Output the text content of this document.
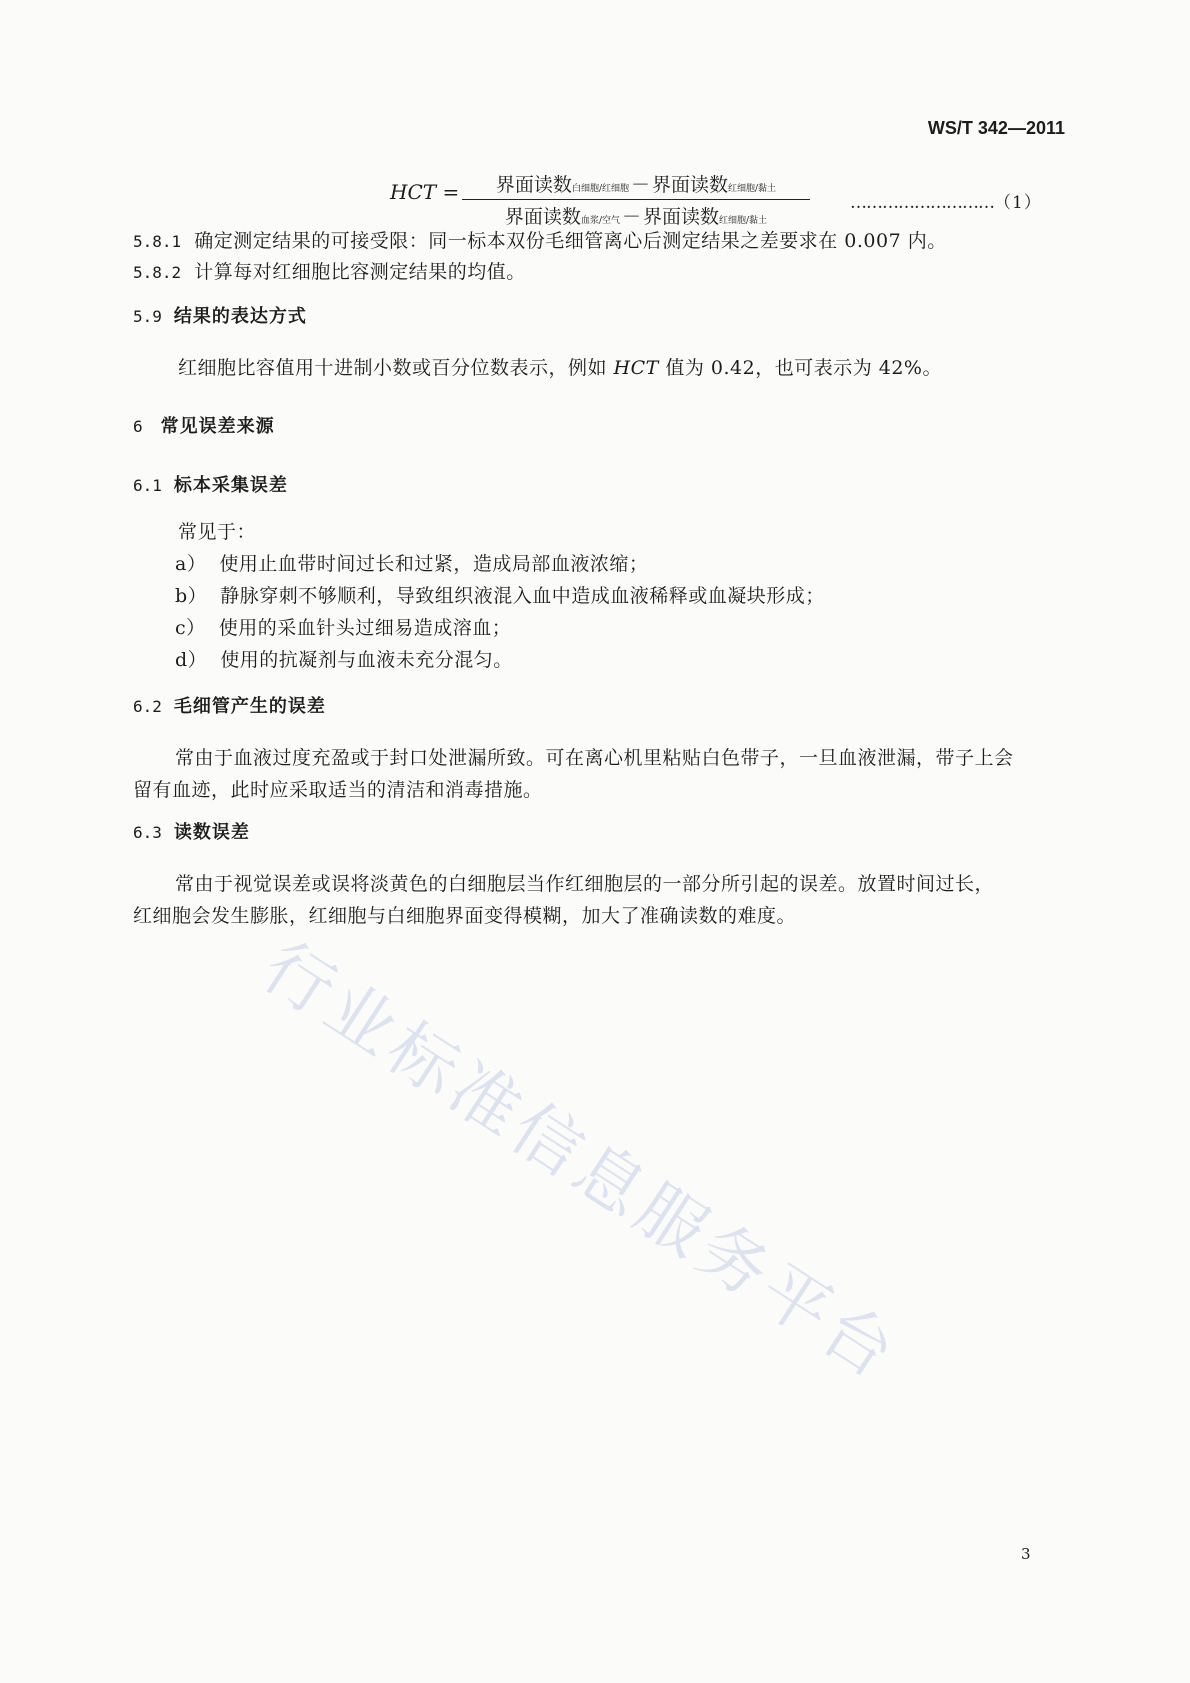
WS/T 342—2011
HCT =	界面读数白细胞/红细胞 － 界面读数红细胞/黏土
界面读数血浆/空气 － 界面读数红细胞/黏土
………………………（1）
5.8.1 确定测定结果的可接受限：同一标本双份毛细管离心后测定结果之差要求在 0.007 内。
5.8.2 计算每对红细胞比容测定结果的均值。
5.9 结果的表达方式
红细胞比容值用十进制小数或百分位数表示，例如 HCT 值为 0.42，也可表示为 42%。
6 常见误差来源
6.1 标本采集误差
常见于：
a） 使用止血带时间过长和过紧，造成局部血液浓缩；
b） 静脉穿刺不够顺利，导致组织液混入血中造成血液稀释或血凝块形成；
c） 使用的采血针头过细易造成溶血；
d） 使用的抗凝剂与血液未充分混匀。
6.2 毛细管产生的误差
常由于血液过度充盈或于封口处泄漏所致。可在离心机里粘贴白色带子，一旦血液泄漏，带子上会
留有血迹，此时应采取适当的清洁和消毒措施。
6.3 读数误差
常由于视觉误差或误将淡黄色的白细胞层当作红细胞层的一部分所引起的误差。放置时间过长，
红细胞会发生膨胀，红细胞与白细胞界面变得模糊，加大了准确读数的难度。
行业标准信息服务平台
3
